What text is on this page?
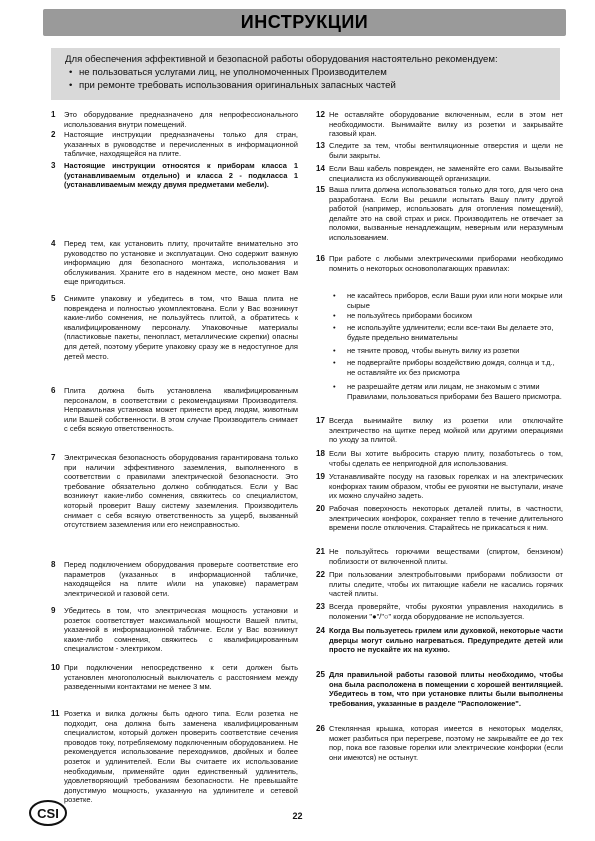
ИНСТРУКЦИИ
Для обеспечения эффективной и безопасной работы оборудования настоятельно рекомендуем:
• не пользоваться услугами лиц, не уполномоченных Производителем
• при ремонте требовать использования оригинальных запасных частей
1 Это оборудование предназначено для непрофессионального использования внутри помещений.
2 Настоящие инструкции предназначены только для стран, указанных в руководстве и перечисленных в информационной табличке, находящейся на плите.
3 Настоящие инструкции относятся к приборам класса 1 (устанавливаемым отдельно) и класса 2 - подкласса 1 (устанавливаемым между двумя предметами мебели).
4 Перед тем, как установить плиту, прочитайте внимательно это руководство по установке и эксплуатации. Оно содержит важную информацию для безопасного монтажа, использования и обслуживания. Храните его в надежном месте, оно может Вам еще пригодиться.
5 Снимите упаковку и убедитесь в том, что Ваша плита не повреждена и полностью укомплектована. Если у Вас возникнут какие-либо сомнения, не пользуйтесь плитой, а обратитесь к квалифицированному персоналу. Упаковочные материалы (пластиковые пакеты, пенопласт, металлические скрепки) опасны для детей, поэтому уберите упаковку сразу же в недоступное для детей место.
6 Плита должна быть установлена квалифицированным персоналом, в соответствии с рекомендациями Производителя. Неправильная установка может принести вред людям, животным или Вашей собственности. В этом случае Производитель снимает с себя всякую ответственность.
7 Электрическая безопасность оборудования гарантирована только при наличии эффективного заземления, выполненного в соответствии с правилами электрической безопасности. Это требование обязательно должно соблюдаться. Если у Вас возникнут какие-либо сомнения, свяжитесь со специалистом, который проверит Вашу систему заземления. Производитель снимает с себя всякую ответственность за ущерб, вызванный отсутствием заземления или его неисправностью.
8 Перед подключением оборудования проверьте соответствие его параметров (указанных в информационной табличке, находящейся на плите и/или на упаковке) параметрам электрической и газовой сети.
9 Убедитесь в том, что электрическая мощность установки и розеток соответствует максимальной мощности Вашей плиты, указанной в информационной табличке. Если у Вас возникнут какие-либо сомнения, свяжитесь с квалифицированным специалистом - электриком.
10 При подключении непосредственно к сети должен быть установлен многополюсный выключатель с расстоянием между разведенными контактами не менее 3 мм.
11 Розетка и вилка должны быть одного типа. Если розетка не подходит, она должна быть заменена квалифицированным специалистом, который должен проверить соответствие сечения проводов току, потребляемому подключенным оборудованием. Не рекомендуется использование переходников, двойных и более розеток и удлинителей. Если Вы считаете их использование необходимым, применяйте один единственный удлинитель, удовлетворяющий требованиям безопасности. Не превышайте допустимую мощность, указанную на удлинителе и сетевой розетке.
12 Не оставляйте оборудование включенным, если в этом нет необходимости. Вынимайте вилку из розетки и закрывайте газовый кран.
13 Следите за тем, чтобы вентиляционные отверстия и щели не были закрыты.
14 Если Ваш кабель поврежден, не заменяйте его сами. Вызывайте специалиста из обслуживающей организации.
15 Ваша плита должна использоваться только для того, для чего она разработана. Если Вы решили испытать Вашу плиту другой работой (например, использовать для отопления помещений), делайте это на свой страх и риск. Производитель не отвечает за поломки, вызванные ненадлежащим, неверным или неразумным использованием.
16 При работе с любыми электрическими приборами необходимо помнить о некоторых основополагающих правилах:
• не касайтесь приборов, если Ваши руки или ноги мокрые или сырые
• не пользуйтесь приборами босиком
• не используйте удлинители; если все-таки Вы делаете это, будьте предельно внимательны
• не тяните провод, чтобы вынуть вилку из розетки
• не подвергайте приборы воздействию дождя, солнца и т.д., не оставляйте их без присмотра
• не разрешайте детям или лицам, не знакомым с этими Правилами, пользоваться приборами без Вашего присмотра.
17 Всегда вынимайте вилку из розетки или отключайте электричество на щитке перед мойкой или другими операциями по уходу за плитой.
18 Если Вы хотите выбросить старую плиту, позаботьтесь о том, чтобы сделать ее непригодной для использования.
19 Устанавливайте посуду на газовых горелках и на электрических конфорках таким образом, чтобы ее рукоятки не выступали, иначе их можно случайно задеть.
20 Рабочая поверхность некоторых деталей плиты, в частности, электрических конфорок, сохраняет тепло в течение длительного времени после отключения. Старайтесь не прикасаться к ним.
21 Не пользуйтесь горючими веществами (спиртом, бензином) поблизости от включенной плиты.
22 При пользовании электробытовыми приборами поблизости от плиты следите, чтобы их питающие кабели не касались горячих частей плиты.
23 Всегда проверяйте, чтобы рукоятки управления находились в положении "●"/"○" когда оборудование не используется.
24 Когда Вы пользуетесь грилем или духовкой, некоторые части дверцы могут сильно нагреваться. Предупредите детей или просто не пускайте их на кухню.
25 Для правильной работы газовой плиты необходимо, чтобы она была расположена в помещении с хорошей вентиляцией. Убедитесь в том, что при установке плиты были выполнены требования, указанные в разделе "Расположение".
26 Стеклянная крышка, которая имеется в некоторых моделях, может разбиться при перегреве, поэтому не закрывайте ее до тех пор, пока все газовые горелки или электрические конфорки (если они имеются) не остынут.
CSI	22
